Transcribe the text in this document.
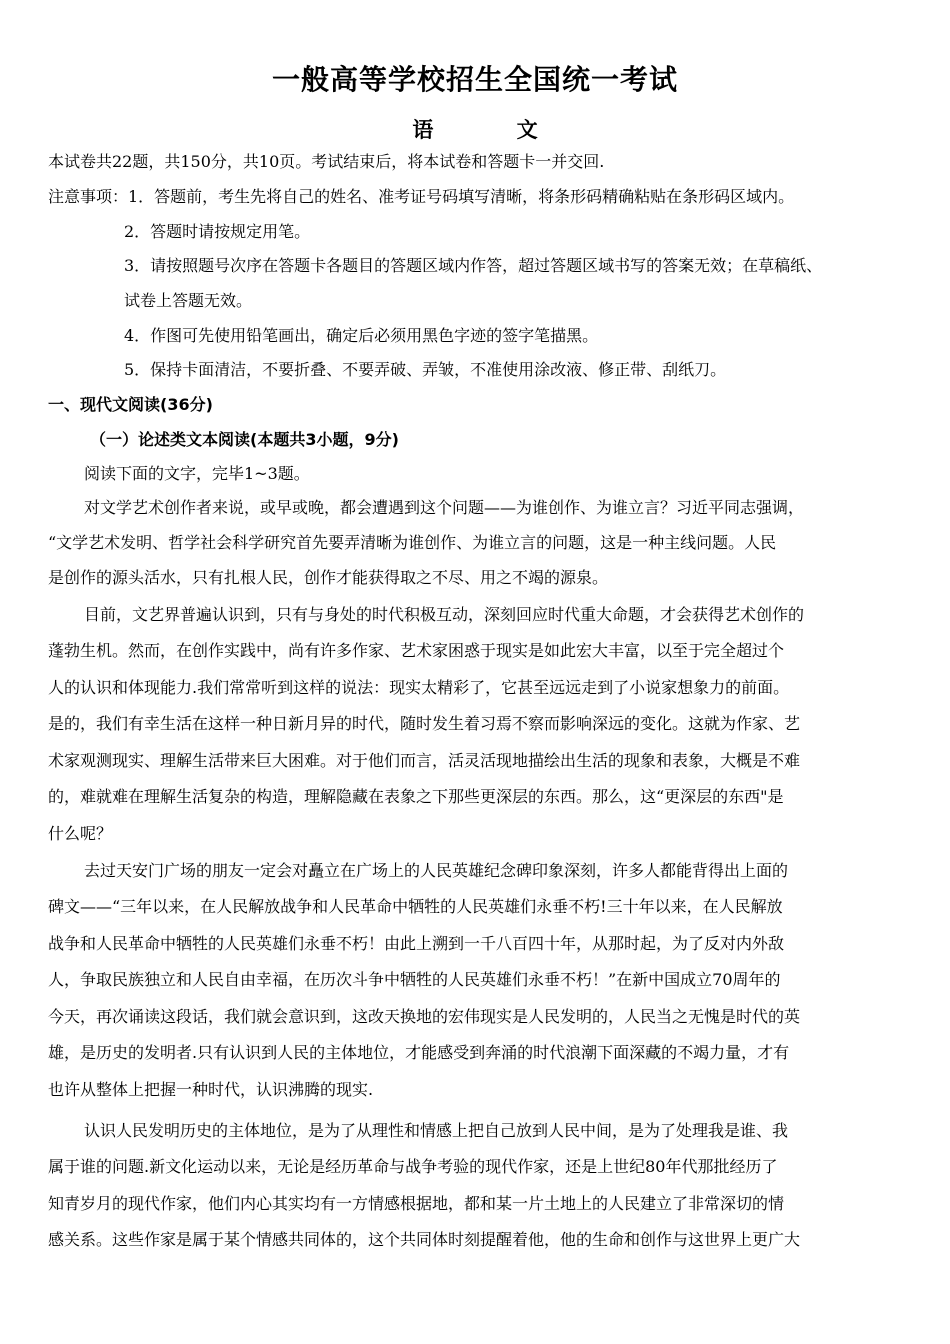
一般高等学校招生全国统一考试
语 文
本试卷共22题，共150分，共10页。考试结束后，将本试卷和答题卡一并交回.
注意事项：1．答题前，考生先将自己的姓名、准考证号码填写清晰，将条形码精确粘贴在条形码区域内。
2．答题时请按规定用笔。
3．请按照题号次序在答题卡各题目的答题区域内作答，超过答题区域书写的答案无效；在草稿纸、
试卷上答题无效。
4．作图可先使用铅笔画出，确定后必须用黑色字迹的签字笔描黑。
5．保持卡面清洁，不要折叠、不要弄破、弄皱，不准使用涂改液、修正带、刮纸刀。
一、现代文阅读(36分)
（一）论述类文本阅读(本题共3小题，9分)
阅读下面的文字，完毕1~3题。
对文学艺术创作者来说，或早或晚，都会遭遇到这个问题——为谁创作、为谁立言？习近平同志强调，
“文学艺术发明、哲学社会科学研究首先要弄清晰为谁创作、为谁立言的问题，这是一种主线问题。人民
是创作的源头活水，只有扎根人民，创作才能获得取之不尽、用之不竭的源泉。
目前，文艺界普遍认识到，只有与身处的时代积极互动，深刻回应时代重大命题，才会获得艺术创作的
蓬勃生机。然而，在创作实践中，尚有许多作家、艺术家困惑于现实是如此宏大丰富，以至于完全超过个
人的认识和体现能力.我们常常听到这样的说法：现实太精彩了，它甚至远远走到了小说家想象力的前面。
是的，我们有幸生活在这样一种日新月异的时代，随时发生着习焉不察而影响深远的变化。这就为作家、艺
术家观测现实、理解生活带来巨大困难。对于他们而言，活灵活现地描绘出生活的现象和表象，大概是不难
的，难就难在理解生活复杂的构造，理解隐藏在表象之下那些更深层的东西。那么，这“更深层的东西"是
什么呢？
去过天安门广场的朋友一定会对矗立在广场上的人民英雄纪念碑印象深刻，许多人都能背得出上面的
碑文——“三年以来，在人民解放战争和人民革命中牺牲的人民英雄们永垂不朽!三十年以来，在人民解放
战争和人民革命中牺牲的人民英雄们永垂不朽！由此上溯到一千八百四十年，从那时起，为了反对内外敌
人，争取民族独立和人民自由幸福，在历次斗争中牺牲的人民英雄们永垂不朽！”在新中国成立70周年的
今天，再次诵读这段话，我们就会意识到，这改天换地的宏伟现实是人民发明的，人民当之无愧是时代的英
雄，是历史的发明者.只有认识到人民的主体地位，才能感受到奔涌的时代浪潮下面深藏的不竭力量，才有
也许从整体上把握一种时代，认识沸腾的现实.
认识人民发明历史的主体地位，是为了从理性和情感上把自己放到人民中间，是为了处理我是谁、我
属于谁的问题.新文化运动以来，无论是经历革命与战争考验的现代作家，还是上世纪80年代那批经历了
知青岁月的现代作家，他们内心其实均有一方情感根据地，都和某一片土地上的人民建立了非常深切的情
感关系。这些作家是属于某个情感共同体的，这个共同体时刻提醒着他，他的生命和创作与这世界上更广大
